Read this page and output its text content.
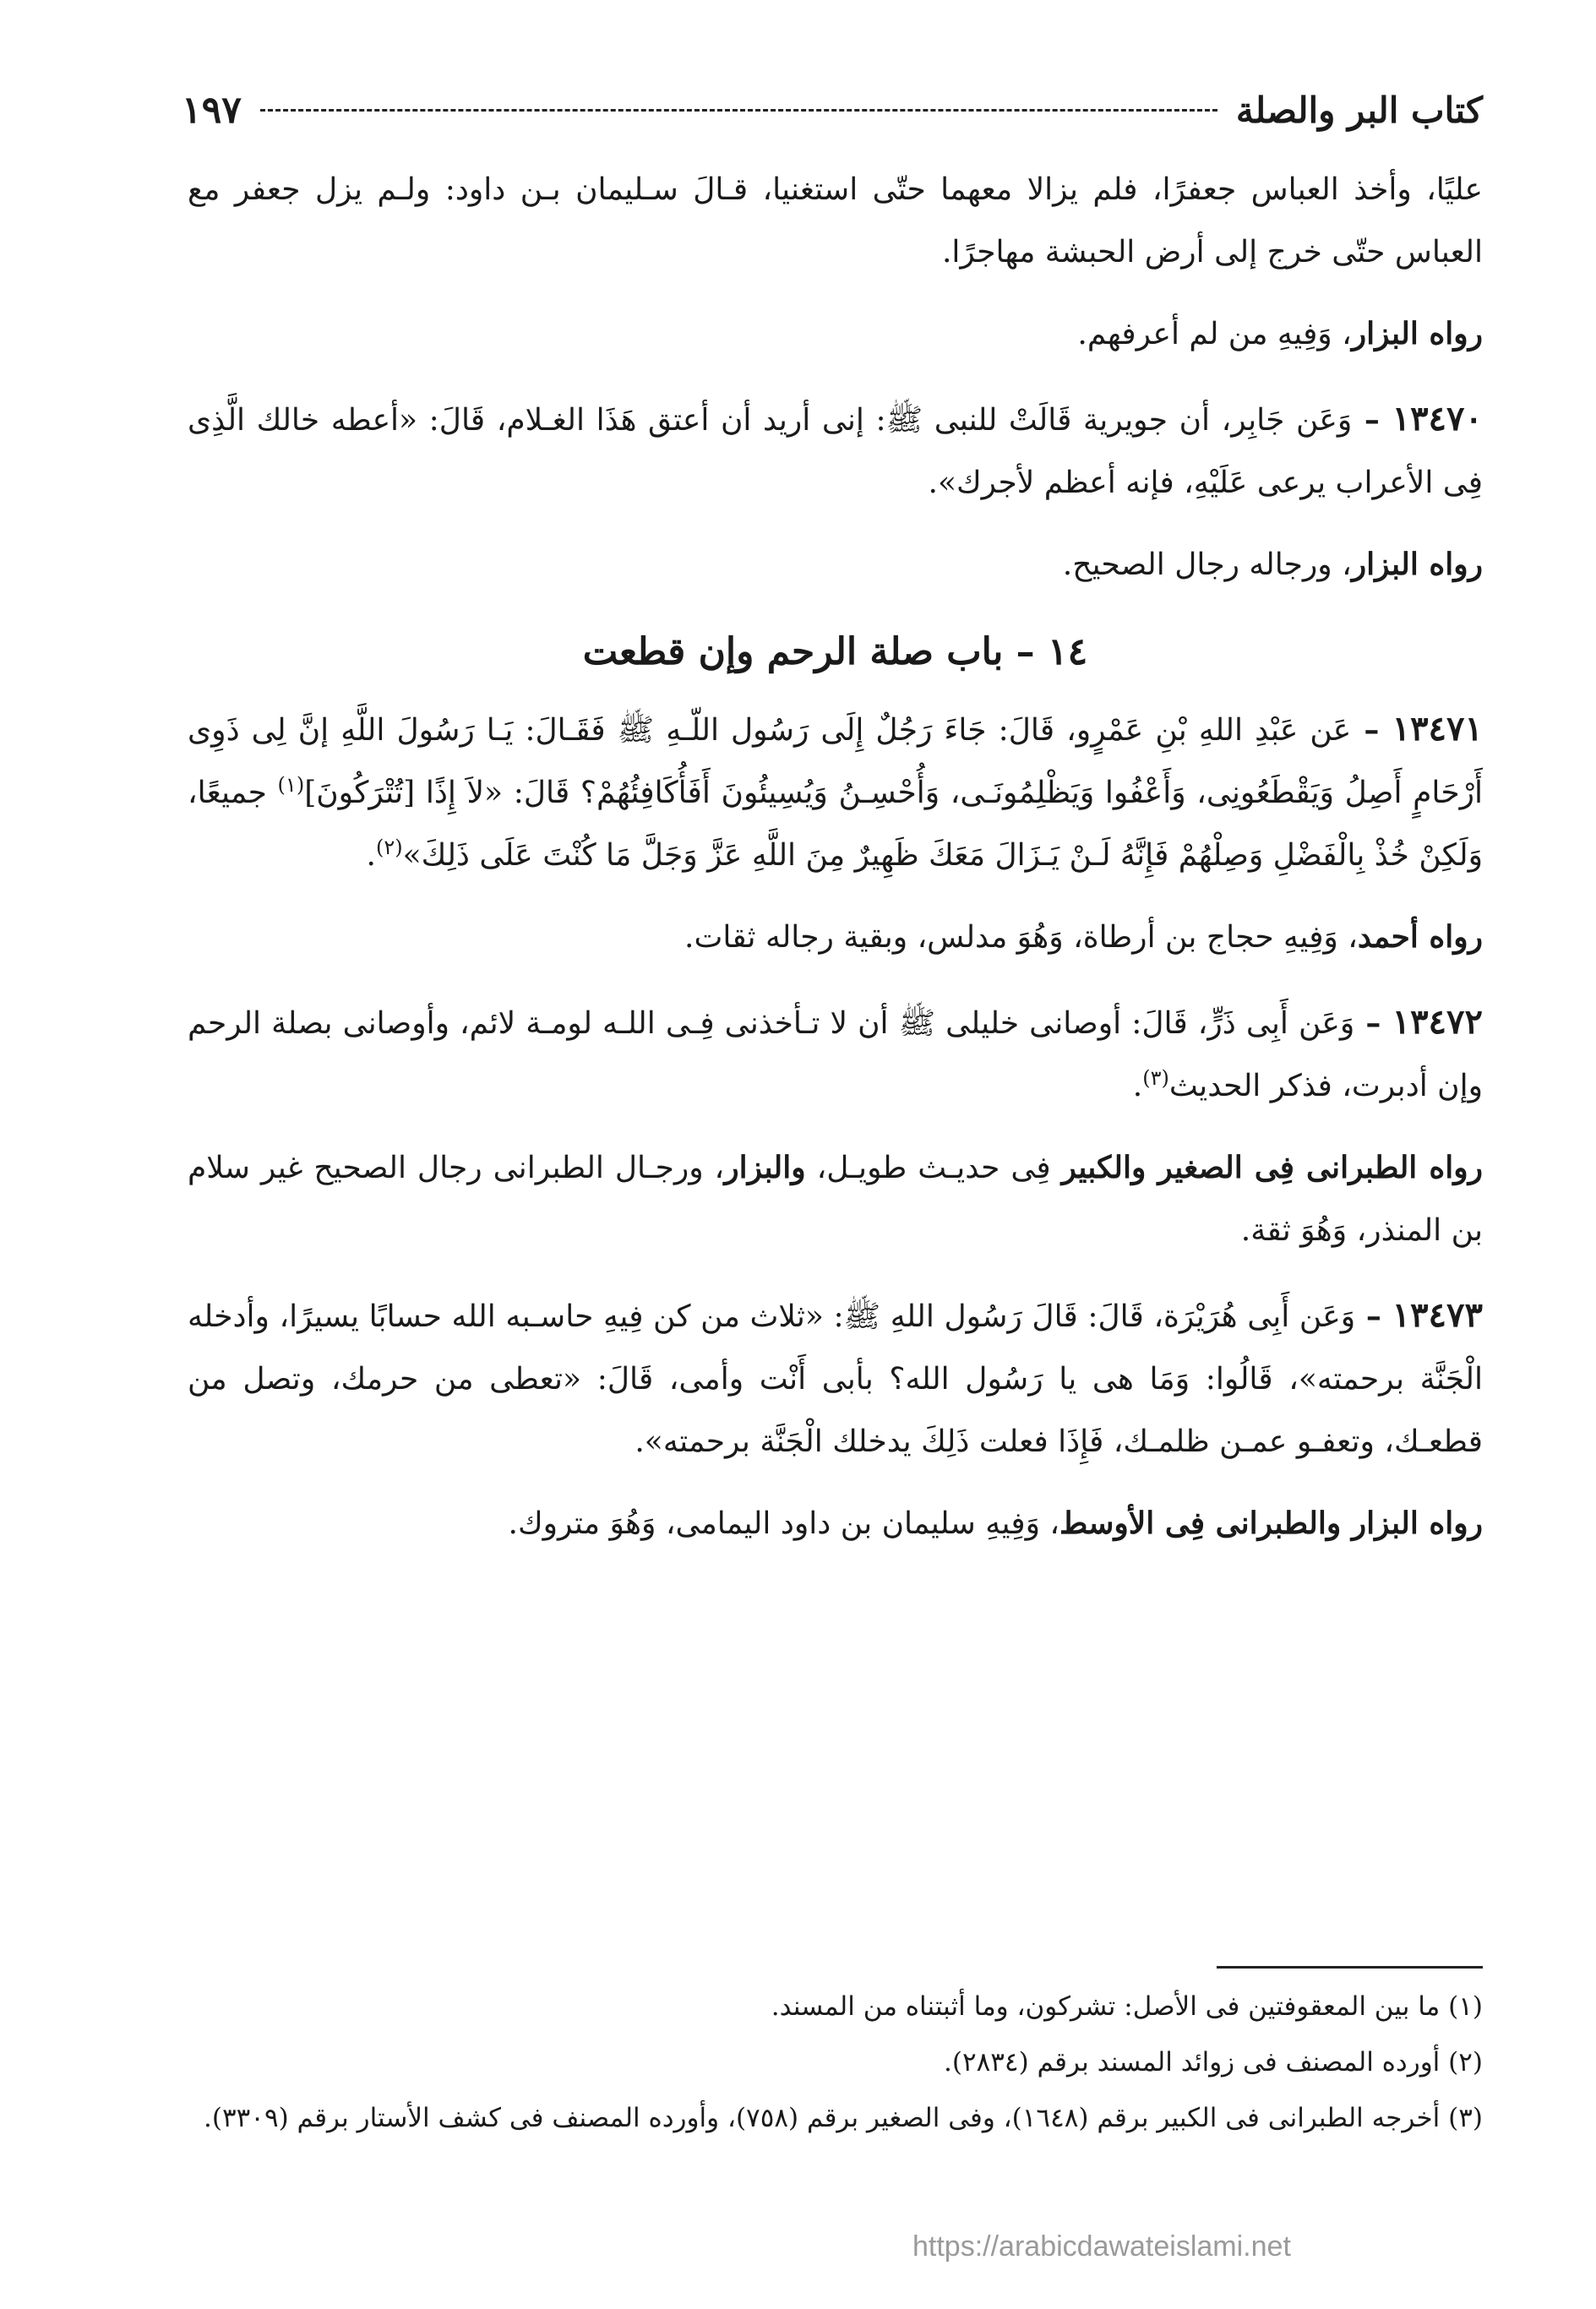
كتاب البر والصلة
١٩٧

عليًا، وأخذ العباس جعفرًا، فلم يزالا معهما حتّى استغنيا، قـالَ سـليمان بـن داود: ولـم يزل جعفر مع العباس حتّى خرج إلى أرض الحبشة مهاجرًا.

رواه البزار، وَفِيهِ من لم أعرفهم.

١٣٤٧٠ – وَعَن جَابِر، أن جويرية قَالَتْ للنبى ﷺ: إنى أريد أن أعتق هَذَا الغـلام، قَالَ: «أعطه خالك الَّذِى فِى الأعراب يرعى عَلَيْهِ، فإنه أعظم لأجرك».

رواه البزار، ورجاله رجال الصحيح.

١٤ – باب صلة الرحم وإن قطعت

١٣٤٧١ – عَن عَبْدِ اللهِ بْنِ عَمْرٍو، قَالَ: جَاءَ رَجُلٌ إِلَى رَسُول اللّـهِ ﷺ فَقَـالَ: يَـا رَسُولَ اللَّهِ إنَّ لِى ذَوِى أَرْحَامٍ أَصِلُ وَيَقْطَعُونِى، وَأَعْفُوا وَيَظْلِمُونَـى، وَأُحْسِـنُ وَيُسِيئُونَ أَفَأُكَافِئُهُمْ؟ قَالَ: «لاَ إِذًا [تُتْرَكُونَ]$^{(١)}$ جميعًا، وَلَكِنْ خُذْ بِالْفَضْلِ وَصِلْهُمْ فَإِنَّهُ لَـنْ يَـزَالَ مَعَكَ ظَهِيرٌ مِنَ اللَّهِ عَزَّ وَجَلَّ مَا كُنْتَ عَلَى ذَلِكَ»$^{(٢)}$.

رواه أحمد، وَفِيهِ حجاج بن أرطاة، وَهُوَ مدلس، وبقية رجاله ثقات.

١٣٤٧٢ – وَعَن أَبِى ذَرٍّ، قَالَ: أوصانى خليلى ﷺ أن لا تـأخذنى فِـى اللـه لومـة لائم، وأوصانى بصلة الرحم وإن أدبرت، فذكر الحديث$^{(٣)}$.

رواه الطبرانى فِى الصغير والكبير فِى حديـث طويـل، والبزار، ورجـال الطبرانى رجال الصحيح غير سلام بن المنذر، وَهُوَ ثقة.

١٣٤٧٣ – وَعَن أَبِى هُرَيْرَة، قَالَ: قَالَ رَسُول اللهِ ﷺ: «ثلاث من كن فِيهِ حاسـبه الله حسابًا يسيرًا، وأدخله الْجَنَّة برحمته»، قَالُوا: وَمَا هى يا رَسُول الله؟ بأبى أَنْت وأمى، قَالَ: «تعطى من حرمك، وتصل من قطعـك، وتعفـو عمـن ظلمـك، فَإِذَا فعلت ذَلِكَ يدخلك الْجَنَّة برحمته».

رواه البزار والطبرانى فِى الأوسط، وَفِيهِ سليمان بن داود اليمامى، وَهُوَ متروك.

(١) ما بين المعقوفتين فى الأصل: تشركون، وما أثبتناه من المسند.

(٢) أورده المصنف فى زوائد المسند برقم (٢٨٣٤).

(٣) أخرجه الطبرانى فى الكبير برقم (١٦٤٨)، وفى الصغير برقم (٧٥٨)، وأورده المصنف فى كشف الأستار برقم (٣٣٠٩).

https://arabicdawateislami.net
